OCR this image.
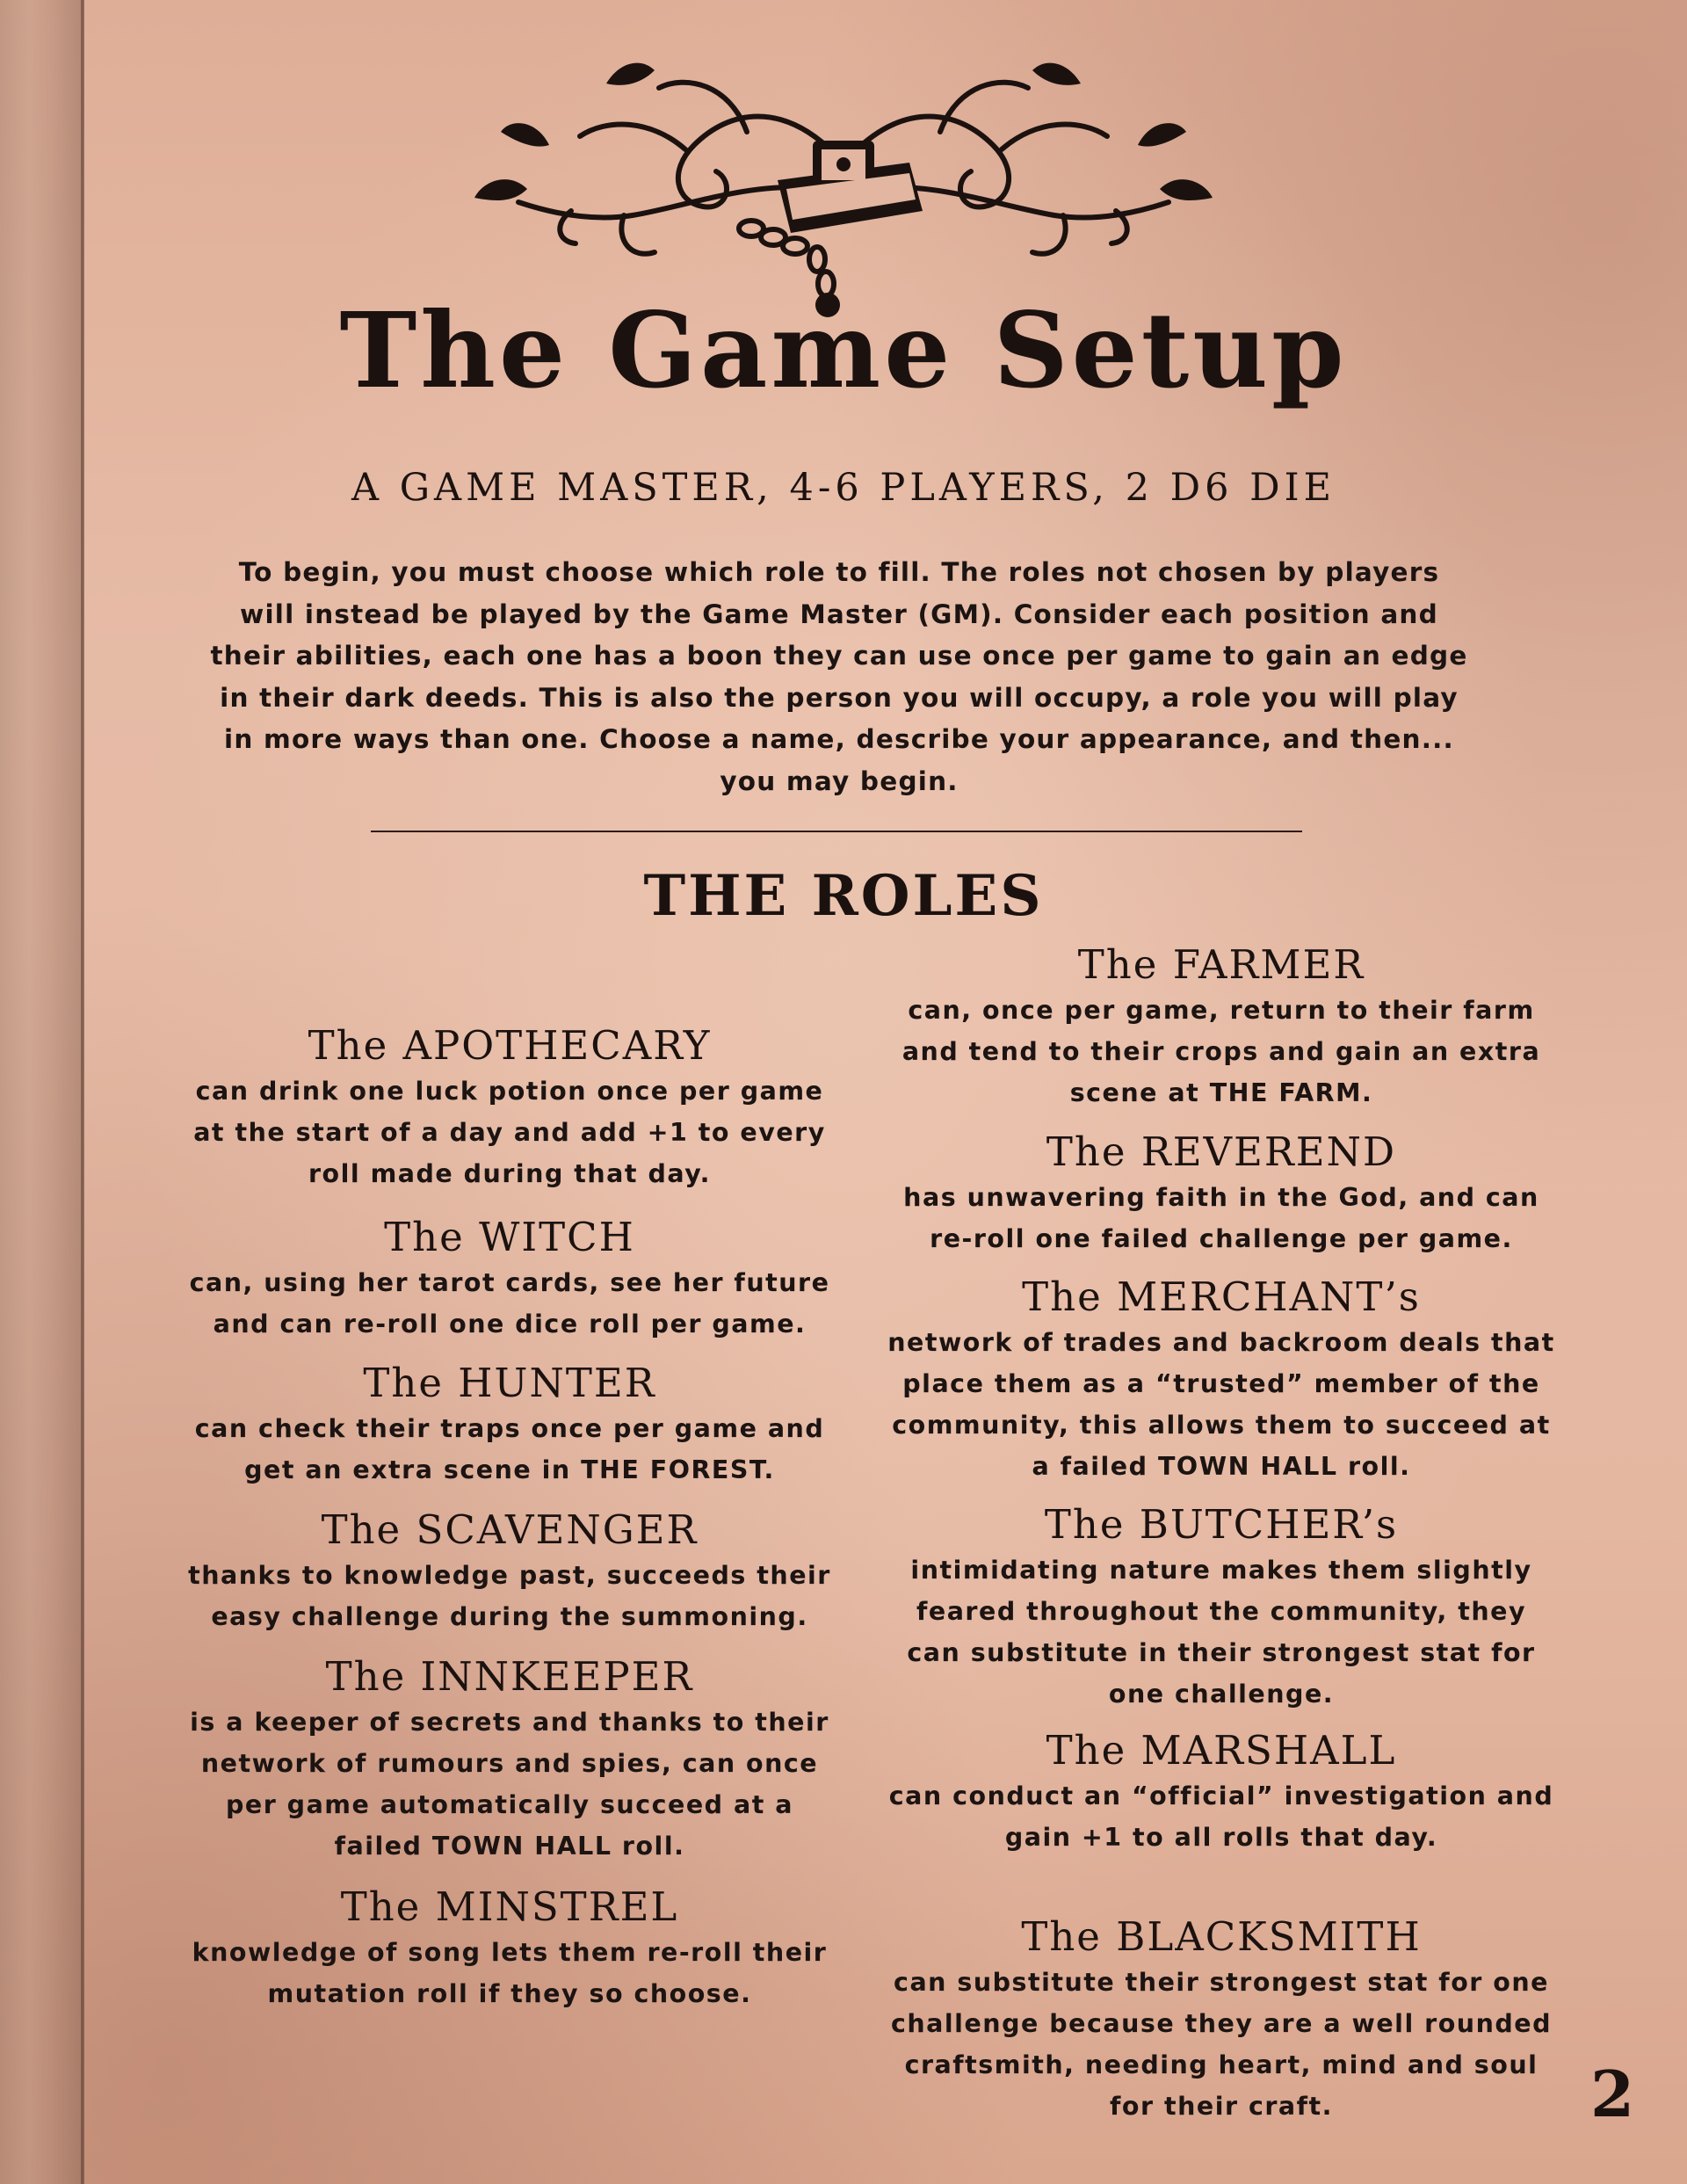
The Game Setup
A GAME MASTER, 4-6 PLAYERS, 2 D6 DIE
To begin, you must choose which role to fill. The roles not chosen by players will instead be played by the Game Master (GM). Consider each position and their abilities, each one has a boon they can use once per game to gain an edge in their dark deeds. This is also the person you will occupy, a role you will play in more ways than one. Choose a name, describe your appearance, and then... you may begin.
THE ROLES
The APOTHECARY
can drink one luck potion once per game at the start of a day and add +1 to every roll made during that day.
The WITCH
can, using her tarot cards, see her future and can re-roll one dice roll per game.
The HUNTER
can check their traps once per game and get an extra scene in THE FOREST.
The SCAVENGER
thanks to knowledge past, succeeds their easy challenge during the summoning.
The INNKEEPER
is a keeper of secrets and thanks to their network of rumours and spies, can once per game automatically succeed at a failed TOWN HALL roll.
The MINSTREL
knowledge of song lets them re-roll their mutation roll if they so choose.
The FARMER
can, once per game, return to their farm and tend to their crops and gain an extra scene at THE FARM.
The REVEREND
has unwavering faith in the God, and can re-roll one failed challenge per game.
The MERCHANT’s
network of trades and backroom deals that place them as a “trusted” member of the community, this allows them to succeed at a failed TOWN HALL roll.
The BUTCHER’s
intimidating nature makes them slightly feared throughout the community, they can substitute in their strongest stat for one challenge.
The MARSHALL
can conduct an “official” investigation and gain +1 to all rolls that day.
The BLACKSMITH
can substitute their strongest stat for one challenge because they are a well rounded craftsmith, needing heart, mind and soul for their craft.	2
